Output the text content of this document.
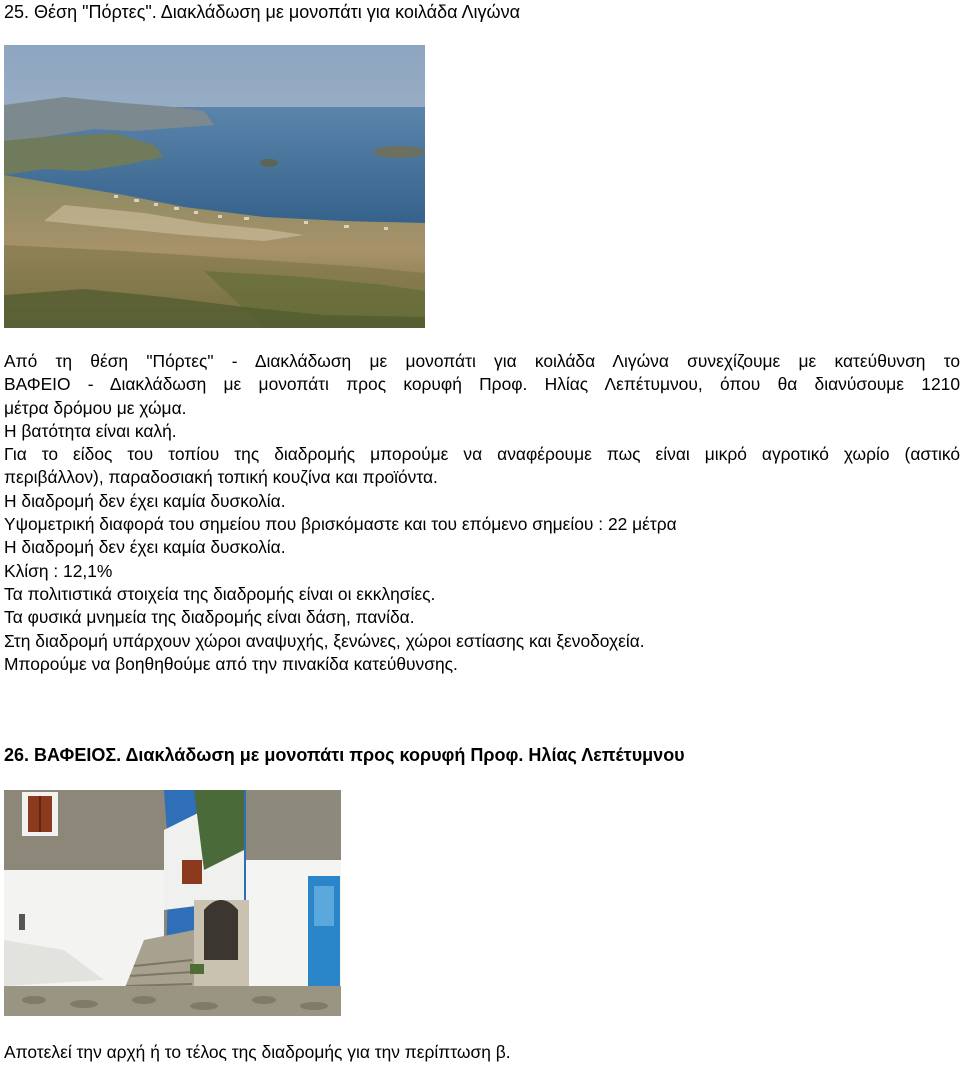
25. Θέση "Πόρτες". Διακλάδωση με μονοπάτι για κοιλάδα Λιγώνα
Από τη θέση "Πόρτες" - Διακλάδωση με μονοπάτι για κοιλάδα Λιγώνα συνεχίζουμε με κατεύθυνση το
ΒΑΦΕΙΟ - Διακλάδωση με μονοπάτι προς κορυφή Προφ. Ηλίας Λεπέτυμνου, όπου θα διανύσουμε 1210
μέτρα δρόμου με χώμα.
Η βατότητα είναι καλή.
Για το είδος του τοπίου της διαδρομής μπορούμε να αναφέρουμε πως είναι μικρό αγροτικό χωρίο (αστικό
περιβάλλον), παραδοσιακή τοπική κουζίνα και προϊόντα.
Η διαδρομή δεν έχει καμία δυσκολία.
Υψομετρική διαφορά του σημείου που βρισκόμαστε και του επόμενο σημείου : 22 μέτρα
Η διαδρομή δεν έχει καμία δυσκολία.
Κλίση : 12,1%
Τα πολιτιστικά στοιχεία της διαδρομής είναι οι εκκλησίες.
Τα φυσικά μνημεία της διαδρομής είναι δάση, πανίδα.
Στη διαδρομή υπάρχουν χώροι αναψυχής, ξενώνες, χώροι εστίασης και ξενοδοχεία.
Μπορούμε να βοηθηθούμε από την πινακίδα κατεύθυνσης.
26. ΒΑΦΕΙΟΣ. Διακλάδωση με μονοπάτι προς κορυφή Προφ. Ηλίας Λεπέτυμνου

Αποτελεί την αρχή ή το τέλος της διαδρομής για την περίπτωση β.
